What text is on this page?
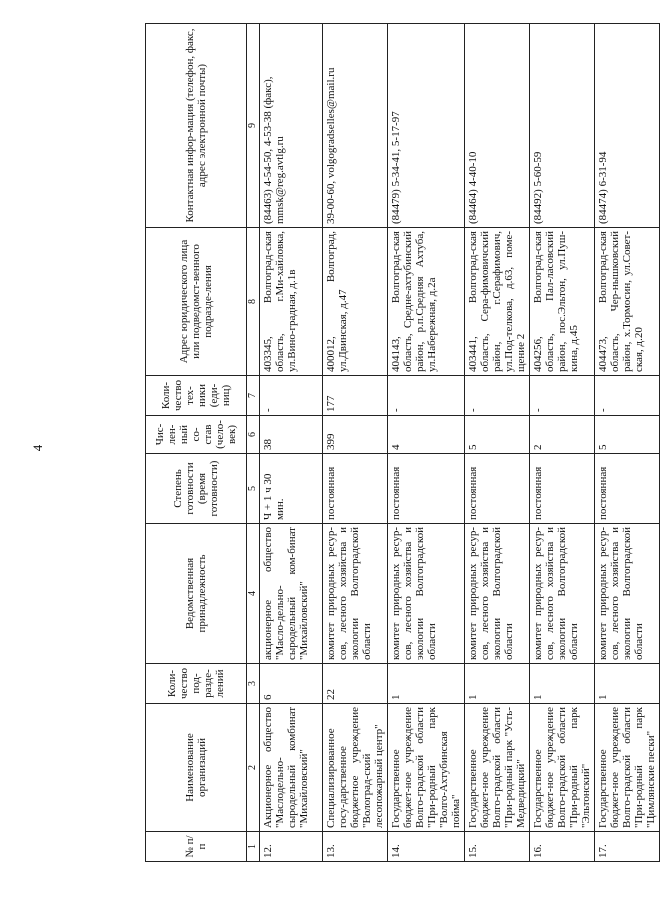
4
№ п/п	Наименование организаций	Коли-чество под-разде-лений	Ведомственная принадлежность	Степень готовности (время готовности)	Чис-лен-ный со-став (чело-век)	Коли-чество тех-ники (еди-ниц)	Адрес юридического лица или подведомст-венного подразде-ления	Контактная инфор-мация (телефон, факс, адрес электронной почты)
1	2	3	4	5	6	7	8	9
12.	Акционерное общество "Маслодельно-сыродельный комбинат "Михайловский"	6	акционерное общество "Масло-дельно-сыродельный ком-бинат "Михайловский"	Ч + 1 ч 30 мин.	38	-	403345, Волгоград-ская область, г.Ми-хайловка, ул.Вино-градная, д.1в	(84463) 4-54-50, 4-53-38 (факс), mmsk@reg.avtlg.ru
13.	Специализированное госу-дарственное бюджетное учреждение "Волоград-ский лесопожарный центр"	22	комитет природных ресур-сов, лесного хозяйства и экологии Волгоградской области	постоянная	399	177	400012, Волгоград, ул.Двинская, д.47	39-00-60, volgogradselles@mail.ru
14.	Государственное бюджет-ное учреждение Волго-градской области "При-родный парк "Волго-Ахтубинская пойма"	1	комитет природных ресур-сов, лесного хозяйства и экологии Волгоградской области	постоянная	4	-	404143, Волгоград-ская область, Средне-ахтубинский район, р.п.Средняя Ахтуба, ул.Набережная, д.2а	(84479) 5-34-41, 5-17-97
15.	Государственное бюджет-ное учреждение Волго-градской области "При-родный парк "Усть-Медведицкий"	1	комитет природных ресур-сов, лесного хозяйства и экологии Волгоградской области	постоянная	5	-	403441, Волгоград-ская область, Сера-фимовичский район, г.Серафимович, ул.Под-телкова, д.63, поме-щение 2	(84464) 4-40-10
16.	Государственное бюджет-ное учреждение Волго-градской области "При-родный парк "Эльтонский"	1	комитет природных ресур-сов, лесного хозяйства и экологии Волгоградской области	постоянная	2	-	404256, Волгоград-ская область, Пал-ласовский район, пос.Эльтон, ул.Пуш-кина, д.45	(84492) 5-60-59
17.	Государственное бюджет-ное учреждение Волго-градской области "При-родный парк "Цимлянские пески"	1	комитет природных ресур-сов, лесного хозяйства и экологии Волгоградской области	постоянная	5	-	404473, Волгоград-ская область, Чер-нышковский район, х.Тормосин, ул.Совет-ская, д.20	(84474) 6-31-94
